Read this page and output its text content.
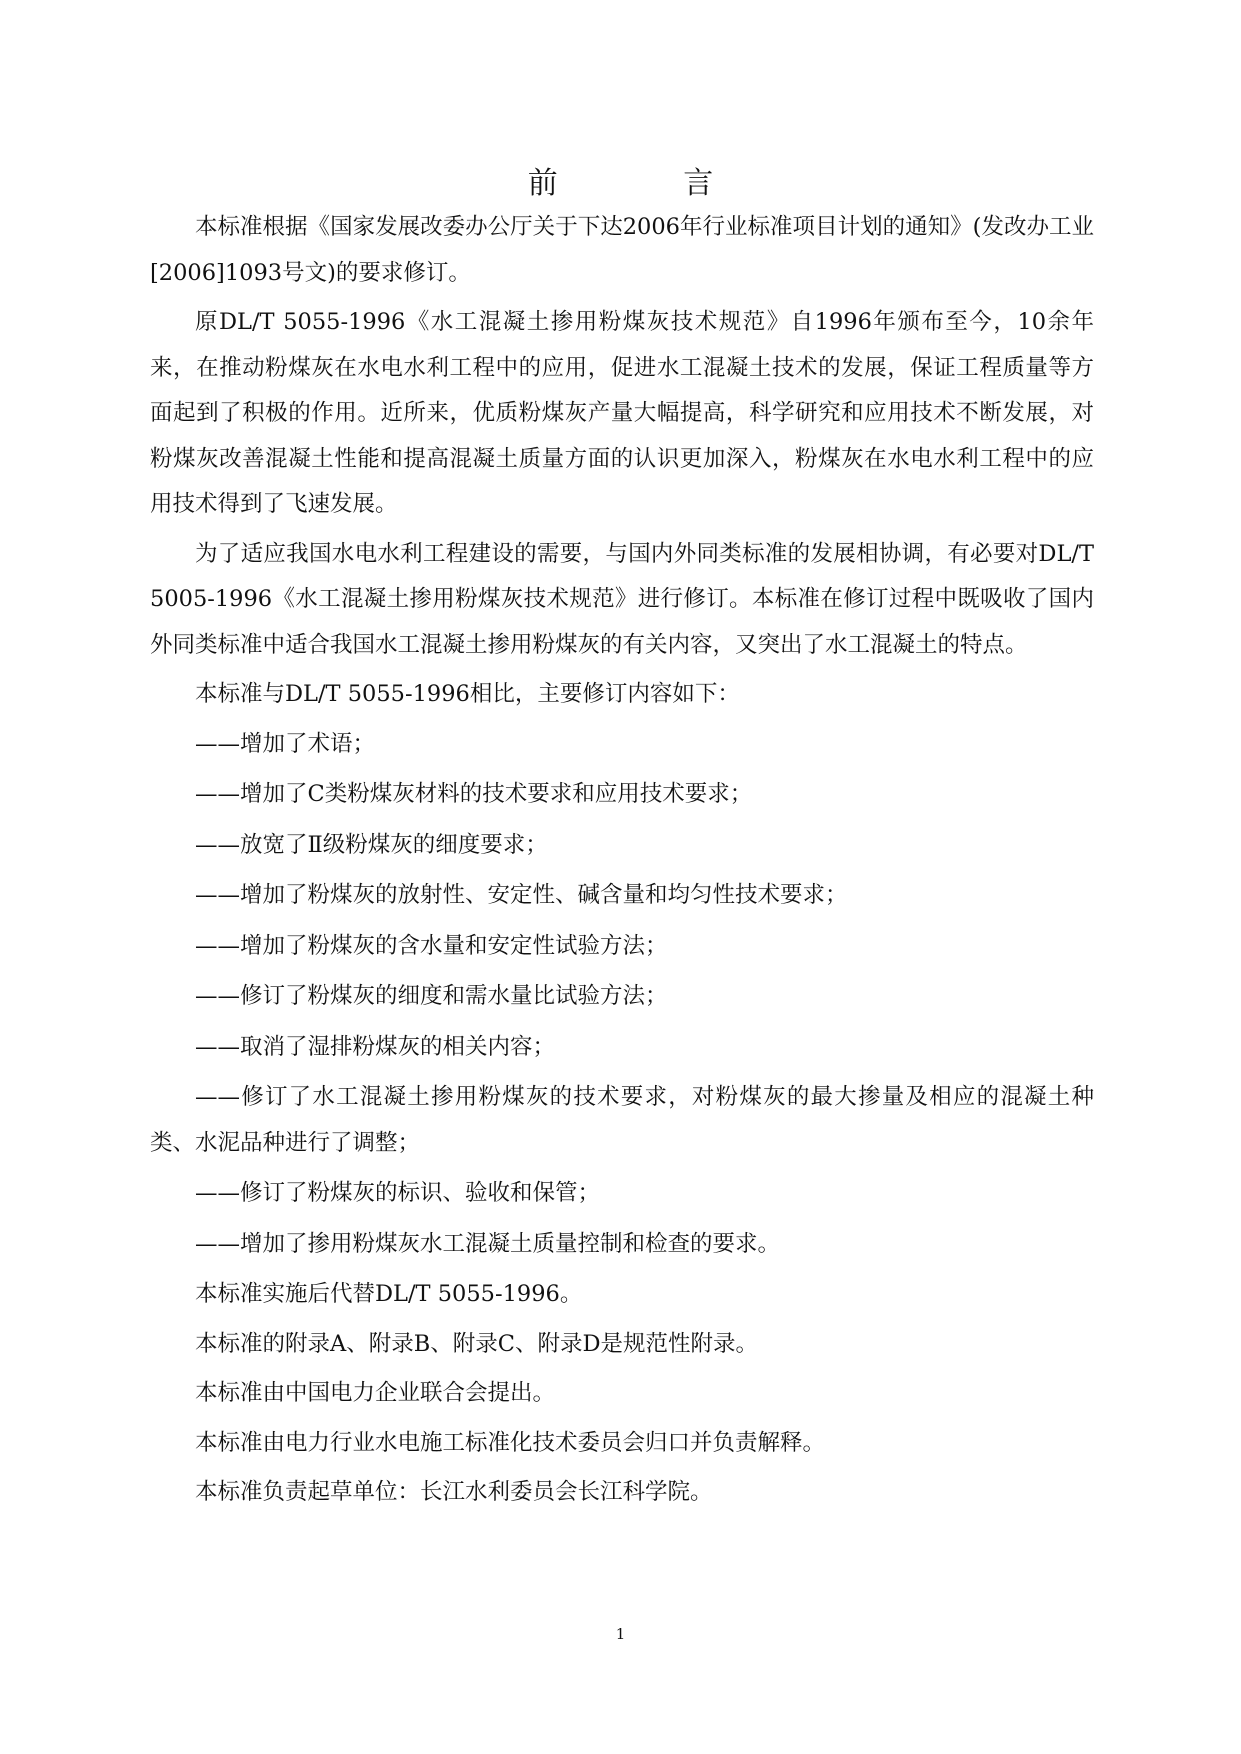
前 言

本标准根据《国家发展改委办公厅关于下达2006年行业标准项目计划的通知》(发改办工业[2006]1093号文)的要求修订。

原DL/T 5055-1996《水工混凝土掺用粉煤灰技术规范》自1996年颁布至今，10余年来，在推动粉煤灰在水电水利工程中的应用，促进水工混凝土技术的发展，保证工程质量等方面起到了积极的作用。近所来，优质粉煤灰产量大幅提高，科学研究和应用技术不断发展，对粉煤灰改善混凝土性能和提高混凝土质量方面的认识更加深入，粉煤灰在水电水利工程中的应用技术得到了飞速发展。

为了适应我国水电水利工程建设的需要，与国内外同类标准的发展相协调，有必要对DL/T 5005-1996《水工混凝土掺用粉煤灰技术规范》进行修订。本标准在修订过程中既吸收了国内外同类标准中适合我国水工混凝土掺用粉煤灰的有关内容，又突出了水工混凝土的特点。

本标准与DL/T 5055-1996相比，主要修订内容如下：

——增加了术语；

——增加了C类粉煤灰材料的技术要求和应用技术要求；

——放宽了Ⅱ级粉煤灰的细度要求；

——增加了粉煤灰的放射性、安定性、碱含量和均匀性技术要求；

——增加了粉煤灰的含水量和安定性试验方法；

——修订了粉煤灰的细度和需水量比试验方法；

——取消了湿排粉煤灰的相关内容；

——修订了水工混凝土掺用粉煤灰的技术要求，对粉煤灰的最大掺量及相应的混凝土种类、水泥品种进行了调整；

——修订了粉煤灰的标识、验收和保管；

——增加了掺用粉煤灰水工混凝土质量控制和检查的要求。

本标准实施后代替DL/T 5055-1996。

本标准的附录A、附录B、附录C、附录D是规范性附录。

本标准由中国电力企业联合会提出。

本标准由电力行业水电施工标准化技术委员会归口并负责解释。

本标准负责起草单位：长江水利委员会长江科学院。

1
